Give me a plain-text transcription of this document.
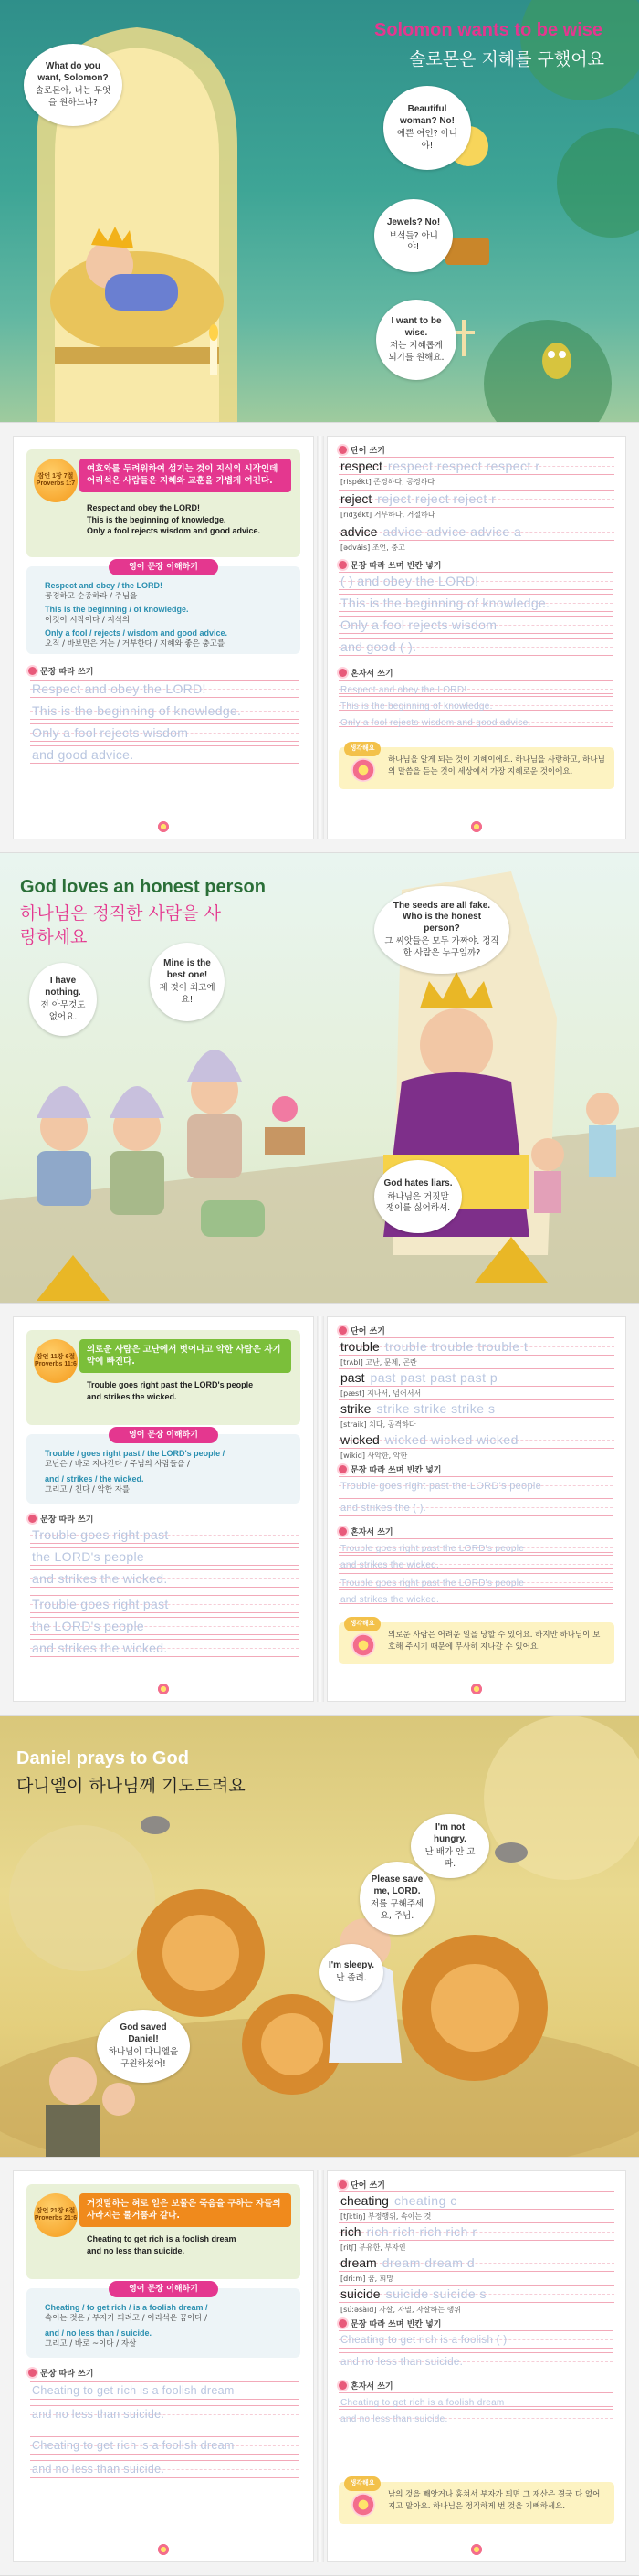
Solomon wants to be wise
솔로몬은 지혜를 구했어요
What do you want, Solomon?
솔로몬아, 너는 무엇을 원하느냐?
Beautiful woman? No!
예쁜 여인? 아니야!
Jewels? No!
보석들? 아니야!
I want to be wise.
저는 지혜롭게 되기를 원해요.
잠언 1장 7절
Proverbs 1:7
여호와를 두려워하여 섬기는 것이 지식의 시작인데 어리석은 사람들은 지혜와 교훈을 가볍게 여긴다.
Respect and obey the LORD!
This is the beginning of knowledge.
Only a fool rejects wisdom and good advice.
영어 문장 이해하기
Respect and obey / the LORD!
공경하고 순종하라 / 주님을
This is the beginning / of knowledge.
이것이 시작이다 / 지식의
Only a fool / rejects / wisdom and good advice.
오직 / 바보만은 거는 / 거부한다 / 지혜와 좋은 충고를
문장 따라 쓰기
Respect and obey the LORD!
This is the beginning of knowledge.
Only a fool rejects wisdom
and good advice.
단어 쓰기
respect respect respect respect r
[rispékt] 존경하다, 공경하다
reject reject reject reject r
[ridʒékt] 거부하다, 거절하다
advice advice advice advice a
[ədváis] 조언, 충고
문장 따라 쓰며 빈칸 넣기
( ) and obey the LORD!
This is the beginning of knowledge.
Only a fool rejects wisdom
and good ( ).
혼자서 쓰기
Respect and obey the LORD!
This is the beginning of knowledge.
Only a fool rejects wisdom and good advice.
생각해요
하나님을 알게 되는 것이 지혜이에요. 하나님을 사랑하고, 하나님의 말씀을 듣는 것이 세상에서 가장 지혜로운 것이에요.
God loves an honest person
하나님은 정직한 사람을 사랑하세요
The seeds are all fake. Who is the honest person?
그 씨앗들은 모두 가짜야. 정직한 사람은 누구일까?
I have nothing.
전 아무것도 없어요.
Mine is the best one!
제 것이 최고예요!
God hates liars.
하나님은 거짓말쟁이를 싫어하셔.
잠언 11장 6절
Proverbs 11:6
의로운 사람은 고난에서 벗어나고 악한 사람은 자기 악에 빠진다.
Trouble goes right past the LORD's people
and strikes the wicked.
영어 문장 이해하기
Trouble / goes right past / the LORD's people /
고난은 / 바로 지나간다 / 주님의 사람들을 /
and / strikes / the wicked.
그리고 / 친다 / 악한 자를
문장 따라 쓰기
Trouble goes right past
the LORD's people
and strikes the wicked.
Trouble goes right past
the LORD's people
and strikes the wicked.
단어 쓰기
trouble trouble trouble trouble t
[trʌbl] 고난, 문제, 곤란
past past past past past p
[pæst] 지나서, 넘어서서
strike strike strike strike s
[straik] 치다, 공격하다
wicked wicked wicked wicked
[wikid] 사악한, 악한
문장 따라 쓰며 빈칸 넣기
Trouble goes right past the LORD's people
and strikes the ( ).
혼자서 쓰기
Trouble goes right past the LORD's people
and strikes the wicked.
Trouble goes right past the LORD's people
and strikes the wicked.
생각해요
의로운 사람은 어려운 일을 당할 수 있어요. 하지만 하나님이 보호해 주시기 때문에 무사히 지나갈 수 있어요.
Daniel prays to God
다니엘이 하나님께 기도드려요
I'm not hungry.
난 배가 안 고파.
Please save me, LORD.
저를 구해주세요, 주님.
I'm sleepy.
난 졸려.
God saved Daniel!
하나님이 다니엘을 구원하셨어!
잠언 21장 6절
Proverbs 21:6
거짓말하는 혀로 얻은 보물은 죽음을 구하는 자들의 사라지는 물거품과 같다.
Cheating to get rich is a foolish dream
and no less than suicide.
영어 문장 이해하기
Cheating / to get rich / is a foolish dream /
속이는 것은 / 부자가 되려고 / 어리석은 꿈이다 /
and / no less than / suicide.
그리고 / 바로 ~이다 / 자살
문장 따라 쓰기
Cheating to get rich is a foolish dream
and no less than suicide.
Cheating to get rich is a foolish dream
and no less than suicide.
단어 쓰기
cheating cheating c
[tʃiːtiŋ] 부정행위, 속이는 것
rich rich rich rich rich r
[ritʃ] 부유한, 부자인
dream dream dream d
[driːm] 꿈, 희망
suicide suicide suicide s
[súːəsàid] 자살, 자멸, 자살하는 행위
문장 따라 쓰며 빈칸 넣기
Cheating to get rich is a foolish ( )
and no less than suicide.
혼자서 쓰기
Cheating to get rich is a foolish dream
and no less than suicide.
생각해요
남의 것을 빼앗거나 훔쳐서 부자가 되면 그 재산은 결국 다 없어지고 말아요. 하나님은 정직하게 번 것을 기뻐하세요.
